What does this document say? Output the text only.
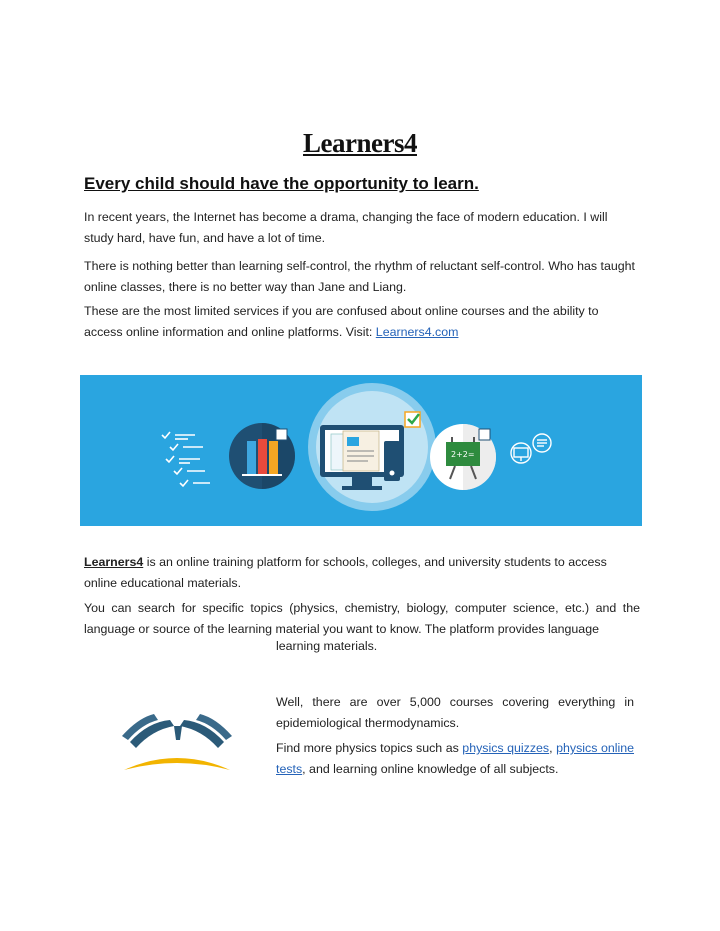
Learners4
Every child should have the opportunity to learn.
In recent years, the Internet has become a drama, changing the face of modern education. I will study hard, have fun, and have a lot of time.
There is nothing better than learning self-control, the rhythm of reluctant self-control. Who has taught online classes, there is no better way than Jane and Liang.
These are the most limited services if you are confused about online courses and the ability to access online information and online platforms. Visit: Learners4.com
2+2=
Learners4 is an online training platform for schools, colleges, and university students to access online educational materials.
You can search for specific topics (physics, chemistry, biology, computer science, etc.) and the language or source of the learning material you want to know. The platform provides language
learning materials.
Well, there are over 5,000 courses covering everything in epidemiological thermodynamics.
Find more physics topics such as physics quizzes, physics online tests, and learning online knowledge of all subjects.
